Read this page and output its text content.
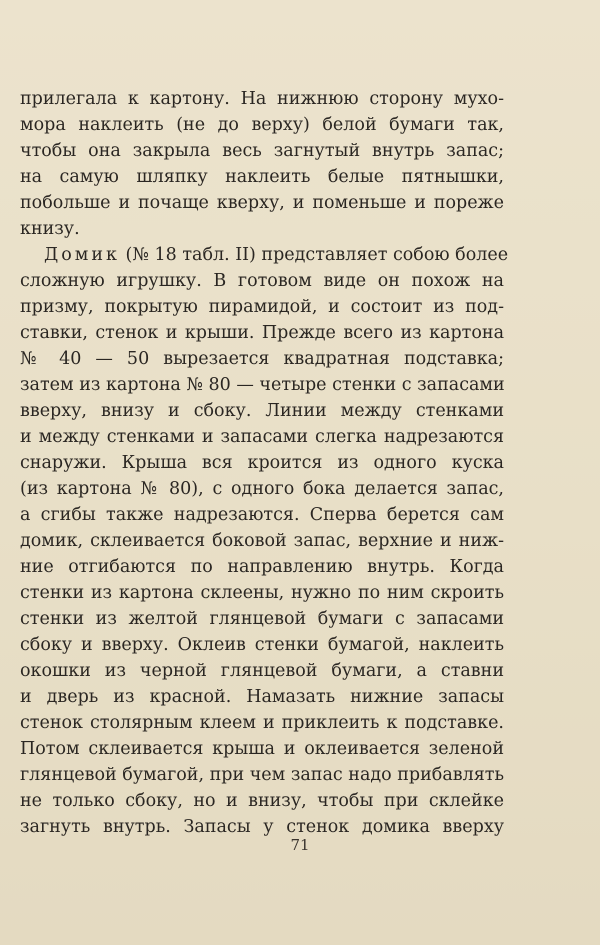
прилегала к картону. На нижнюю сторону мухо-
мора наклеить (не до верху) белой бумаги так,
чтобы она закрыла весь загнутый внутрь запас;
на самую шляпку наклеить белые пятнышки,
побольше и почаще кверху, и поменьше и пореже
книзу.
Домик (№ 18 табл. II) представляет собою более
сложную игрушку. В готовом виде он похож на
призму, покрытую пирамидой, и состоит из под-
ставки, стенок и крыши. Прежде всего из картона
№ 40 — 50 вырезается квадратная подставка;
затем из картона № 80 — четыре стенки с запасами
вверху, внизу и сбоку. Линии между стенками
и между стенками и запасами слегка надрезаются
снаружи. Крыша вся кроится из одного куска
(из картона № 80), с одного бока делается запас,
а сгибы также надрезаются. Сперва берется сам
домик, склеивается боковой запас, верхние и ниж-
ние отгибаются по направлению внутрь. Когда
стенки из картона склеены, нужно по ним скроить
стенки из желтой глянцевой бумаги с запасами
сбоку и вверху. Оклеив стенки бумагой, наклеить
окошки из черной глянцевой бумаги, а ставни
и дверь из красной. Намазать нижние запасы
стенок столярным клеем и приклеить к подставке.
Потом склеивается крыша и оклеивается зеленой
глянцевой бумагой, при чем запас надо прибавлять
не только сбоку, но и внизу, чтобы при склейке
загнуть внутрь. Запасы у стенок домика вверху
71
